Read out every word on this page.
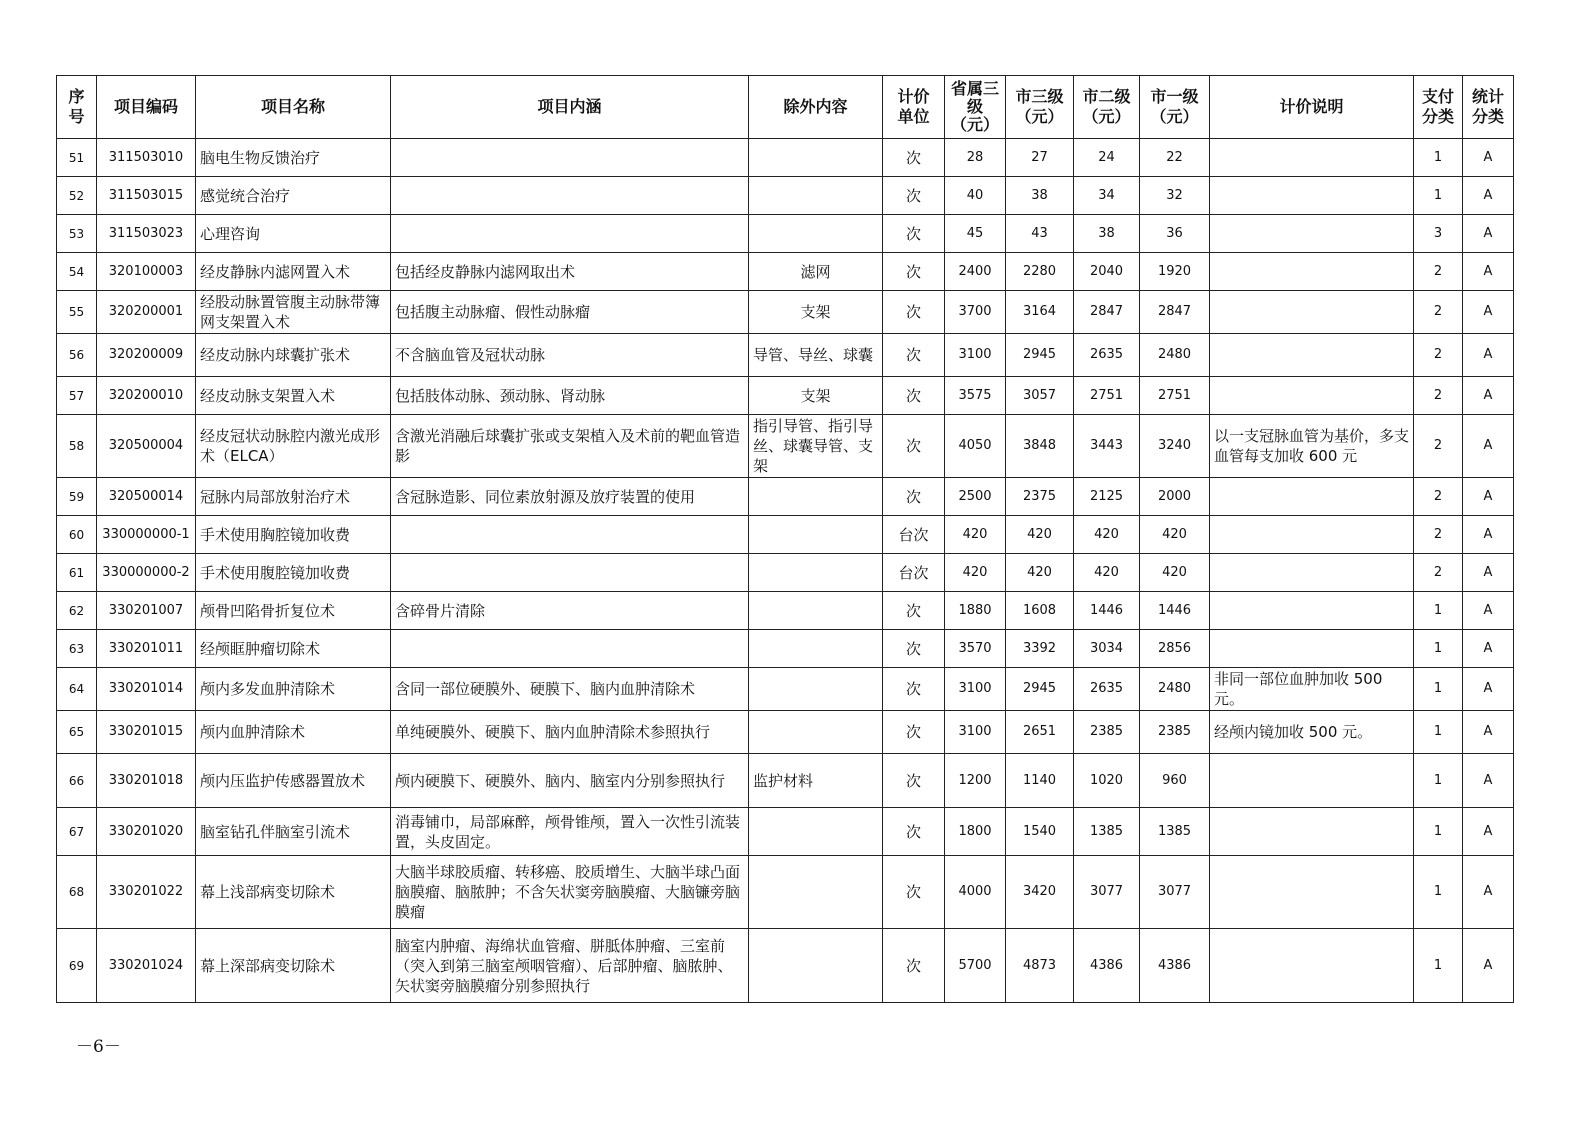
序号	项目编码	项目名称	项目内涵	除外内容	计价单位	省属三级（元）	市三级（元）	市二级（元）	市一级（元）	计价说明	支付分类	统计分类
51	311503010	脑电生物反馈治疗			次	28	27	24	22		1	A
52	311503015	感觉统合治疗			次	40	38	34	32		1	A
53	311503023	心理咨询			次	45	43	38	36		3	A
54	320100003	经皮静脉内滤网置入术	包括经皮静脉内滤网取出术	滤网	次	2400	2280	2040	1920		2	A
55	320200001	经股动脉置管腹主动脉带簿网支架置入术	包括腹主动脉瘤、假性动脉瘤	支架	次	3700	3164	2847	2847		2	A
56	320200009	经皮动脉内球囊扩张术	不含脑血管及冠状动脉	导管、导丝、球囊	次	3100	2945	2635	2480		2	A
57	320200010	经皮动脉支架置入术	包括肢体动脉、颈动脉、肾动脉	支架	次	3575	3057	2751	2751		2	A
58	320500004	经皮冠状动脉腔内激光成形术（ELCA）	含激光消融后球囊扩张或支架植入及术前的靶血管造影	指引导管、指引导丝、球囊导管、支架	次	4050	3848	3443	3240	以一支冠脉血管为基价，多支血管每支加收 600 元	2	A
59	320500014	冠脉内局部放射治疗术	含冠脉造影、同位素放射源及放疗装置的使用		次	2500	2375	2125	2000		2	A
60	330000000-1	手术使用胸腔镜加收费			台次	420	420	420	420		2	A
61	330000000-2	手术使用腹腔镜加收费			台次	420	420	420	420		2	A
62	330201007	颅骨凹陷骨折复位术	含碎骨片清除		次	1880	1608	1446	1446		1	A
63	330201011	经颅眶肿瘤切除术			次	3570	3392	3034	2856		1	A
64	330201014	颅内多发血肿清除术	含同一部位硬膜外、硬膜下、脑内血肿清除术		次	3100	2945	2635	2480	非同一部位血肿加收 500 元。	1	A
65	330201015	颅内血肿清除术	单纯硬膜外、硬膜下、脑内血肿清除术参照执行		次	3100	2651	2385	2385	经颅内镜加收 500 元。	1	A
66	330201018	颅内压监护传感器置放术	颅内硬膜下、硬膜外、脑内、脑室内分别参照执行	监护材料	次	1200	1140	1020	960		1	A
67	330201020	脑室钻孔伴脑室引流术	消毒铺巾，局部麻醉，颅骨锥颅，置入一次性引流装置，头皮固定。		次	1800	1540	1385	1385		1	A
68	330201022	幕上浅部病变切除术	大脑半球胶质瘤、转移癌、胶质增生、大脑半球凸面脑膜瘤、脑脓肿；不含矢状窦旁脑膜瘤、大脑镰旁脑膜瘤		次	4000	3420	3077	3077		1	A
69	330201024	幕上深部病变切除术	脑室内肿瘤、海绵状血管瘤、胼胝体肿瘤、三室前（突入到第三脑室颅咽管瘤）、后部肿瘤、脑脓肿、矢状窦旁脑膜瘤分别参照执行		次	5700	4873	4386	4386		1	A
－6－
